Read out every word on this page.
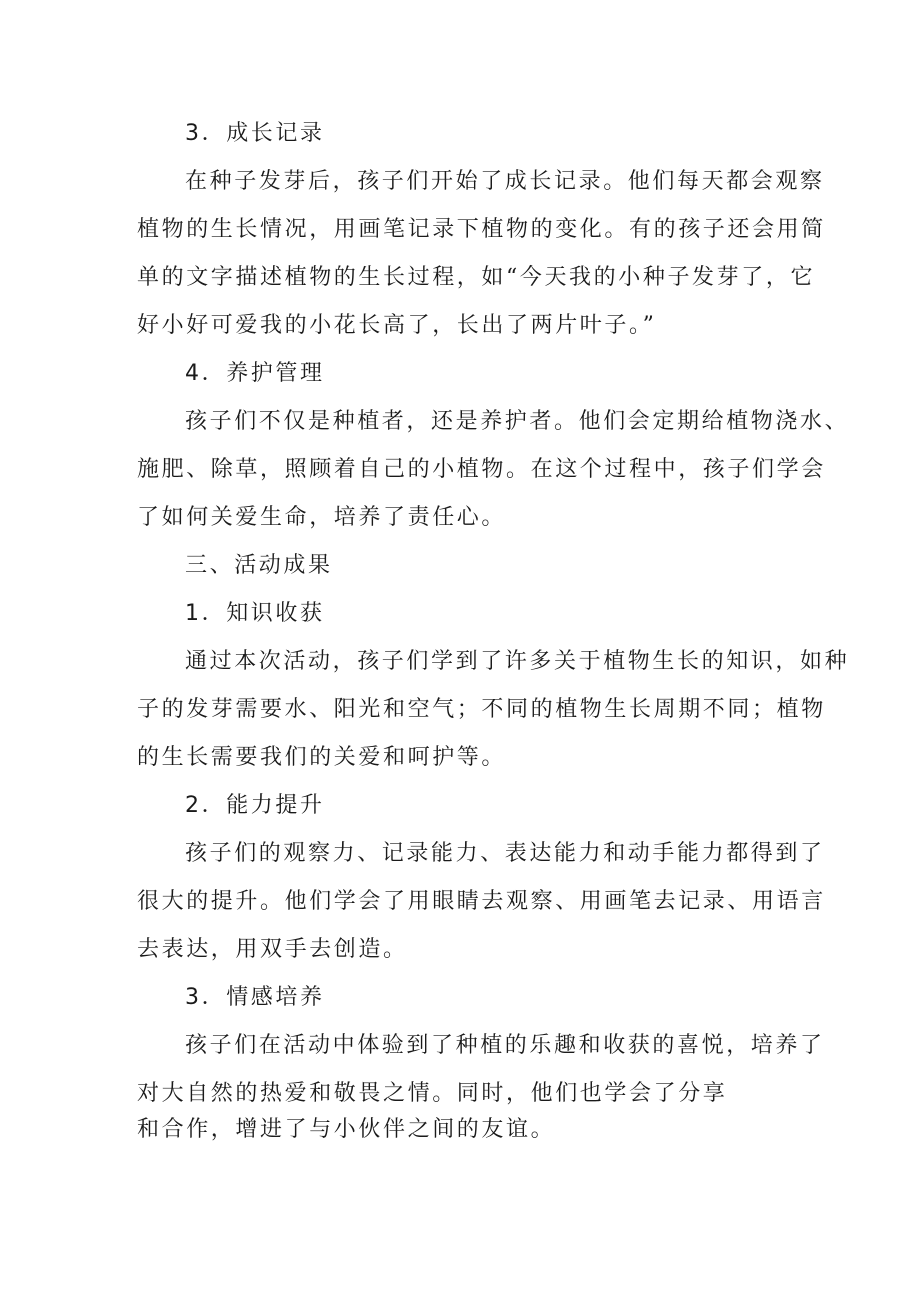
3．成长记录
在种子发芽后，孩子们开始了成长记录。他们每天都会观察
植物的生长情况，用画笔记录下植物的变化。有的孩子还会用简
单的文字描述植物的生长过程，如“今天我的小种子发芽了，它
好小好可爱我的小花长高了，长出了两片叶子。”
4．养护管理
孩子们不仅是种植者，还是养护者。他们会定期给植物浇水、
施肥、除草，照顾着自己的小植物。在这个过程中，孩子们学会
了如何关爱生命，培养了责任心。
三、活动成果
1．知识收获
通过本次活动，孩子们学到了许多关于植物生长的知识，如种
子的发芽需要水、阳光和空气；不同的植物生长周期不同；植物
的生长需要我们的关爱和呵护等。
2．能力提升
孩子们的观察力、记录能力、表达能力和动手能力都得到了
很大的提升。他们学会了用眼睛去观察、用画笔去记录、用语言
去表达，用双手去创造。
3．情感培养
孩子们在活动中体验到了种植的乐趣和收获的喜悦，培养了
对大自然的热爱和敬畏之情。同时，他们也学会了分享
和合作，增进了与小伙伴之间的友谊。
